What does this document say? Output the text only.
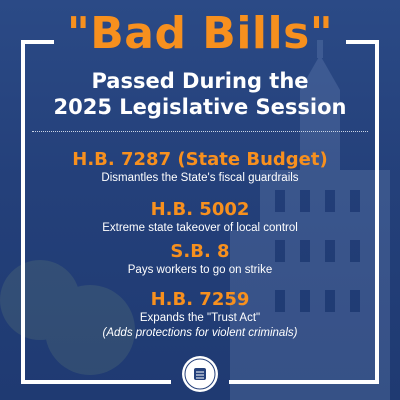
"Bad Bills"
Passed During the
2025 Legislative Session
H.B. 7287 (State Budget)
Dismantles the State's fiscal guardrails
H.B. 5002
Extreme state takeover of local control
S.B. 8
Pays workers to go on strike
H.B. 7259
Expands the "Trust Act"
(Adds protections for violent criminals)
